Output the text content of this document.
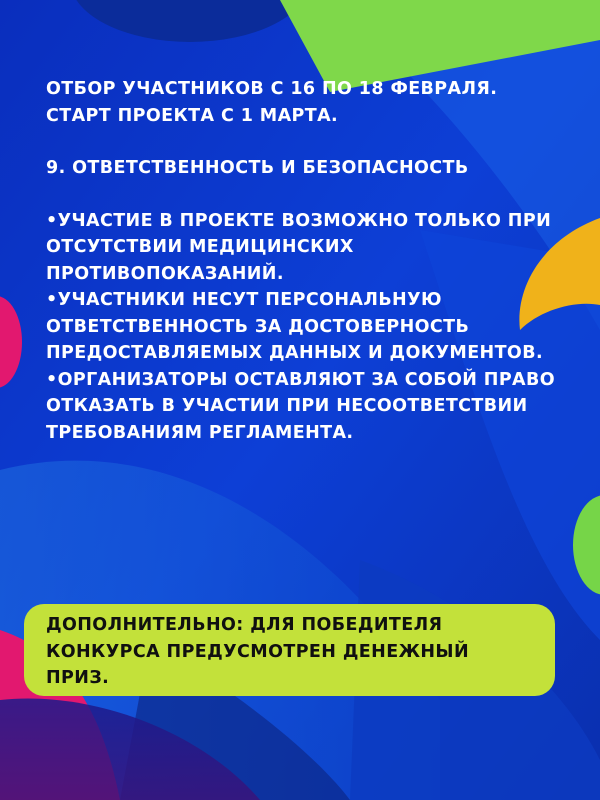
ОТБОР УЧАСТНИКОВ С 16 ПО 18 ФЕВРАЛЯ.

СТАРТ ПРОЕКТА С 1 МАРТА.

9. ОТВЕТСТВЕННОСТЬ И БЕЗОПАСНОСТЬ

•УЧАСТИЕ В ПРОЕКТЕ ВОЗМОЖНО ТОЛЬКО ПРИ ОТСУТСТВИИ МЕДИЦИНСКИХ ПРОТИВОПОКАЗАНИЙ.

•УЧАСТНИКИ НЕСУТ ПЕРСОНАЛЬНУЮ ОТВЕТСТВЕННОСТЬ ЗА ДОСТОВЕРНОСТЬ ПРЕДОСТАВЛЯЕМЫХ ДАННЫХ И ДОКУМЕНТОВ.

•ОРГАНИЗАТОРЫ ОСТАВЛЯЮТ ЗА СОБОЙ ПРАВО ОТКАЗАТЬ В УЧАСТИИ ПРИ НЕСООТВЕТСТВИИ ТРЕБОВАНИЯМ РЕГЛАМЕНТА.

ДОПОЛНИТЕЛЬНО: ДЛЯ ПОБЕДИТЕЛЯ КОНКУРСА ПРЕДУСМОТРЕН ДЕНЕЖНЫЙ ПРИЗ.
